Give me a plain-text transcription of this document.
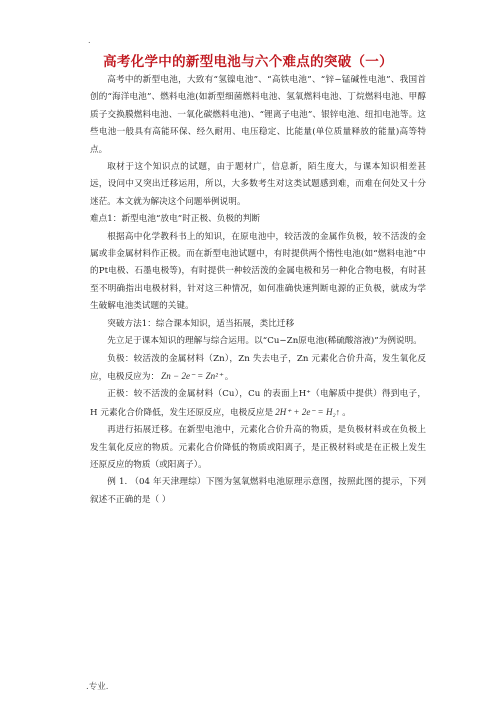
.
高考化学中的新型电池与六个难点的突破（一）

高考中的新型电池，大致有“氢镍电池”、“高铁电池”、“锌−锰碱性电池”、我国首创的“海洋电池”、燃料电池(如新型细菌燃料电池、氢氧燃料电池、丁烷燃料电池、甲醇质子交换膜燃料电池、一氧化碳燃料电池)、“锂离子电池”、银锌电池、纽扣电池等。这些电池一般具有高能环保、经久耐用、电压稳定、比能量(单位质量释放的能量)高等特点。

取材于这个知识点的试题，由于题材广，信息新，陌生度大，与课本知识相差甚远，设问中又突出迁移运用，所以，大多数考生对这类试题感到难，而难在何处又十分迷茫。本文就为解决这个问题举例说明。

难点1：新型电池“放电”时正极、负极的判断

根据高中化学教科书上的知识，在原电池中，较活泼的金属作负极，较不活泼的金属或非金属材料作正极。而在新型电池试题中，有时提供两个惰性电池(如“燃料电池”中的Pt电极、石墨电极等)，有时提供一种较活泼的金属电极和另一种化合物电极，有时甚至不明确指出电极材料，针对这三种情况，如何准确快速判断电源的正负极，就成为学生破解电池类试题的关键。

突破方法1：综合课本知识，适当拓展，类比迁移

先立足于课本知识的理解与综合运用。以“Cu−Zn原电池(稀硫酸溶液)”为例说明。

负极：较活泼的金属材料（Zn），Zn 失去电子，Zn 元素化合价升高，发生氧化反应，电极反应为： Zn − 2e⁻ = Zn²⁺ 。

正极：较不活泼的金属材料（Cu），Cu 的表面上H⁺（电解质中提供）得到电子，H 元素化合价降低，发生还原反应，电极反应是 2H⁺ + 2e⁻ = H₂↑ 。

再进行拓展迁移。在新型电池中，元素化合价升高的物质，是负极材料或在负极上发生氧化反应的物质。元素化合价降低的物质或阳离子，是正极材料或是在正极上发生还原反应的物质（或阳离子）。

例 1. （04 年天津理综）下图为氢氧燃料电池原理示意图，按照此图的提示，下列叙述不正确的是（ ）

.专业.
